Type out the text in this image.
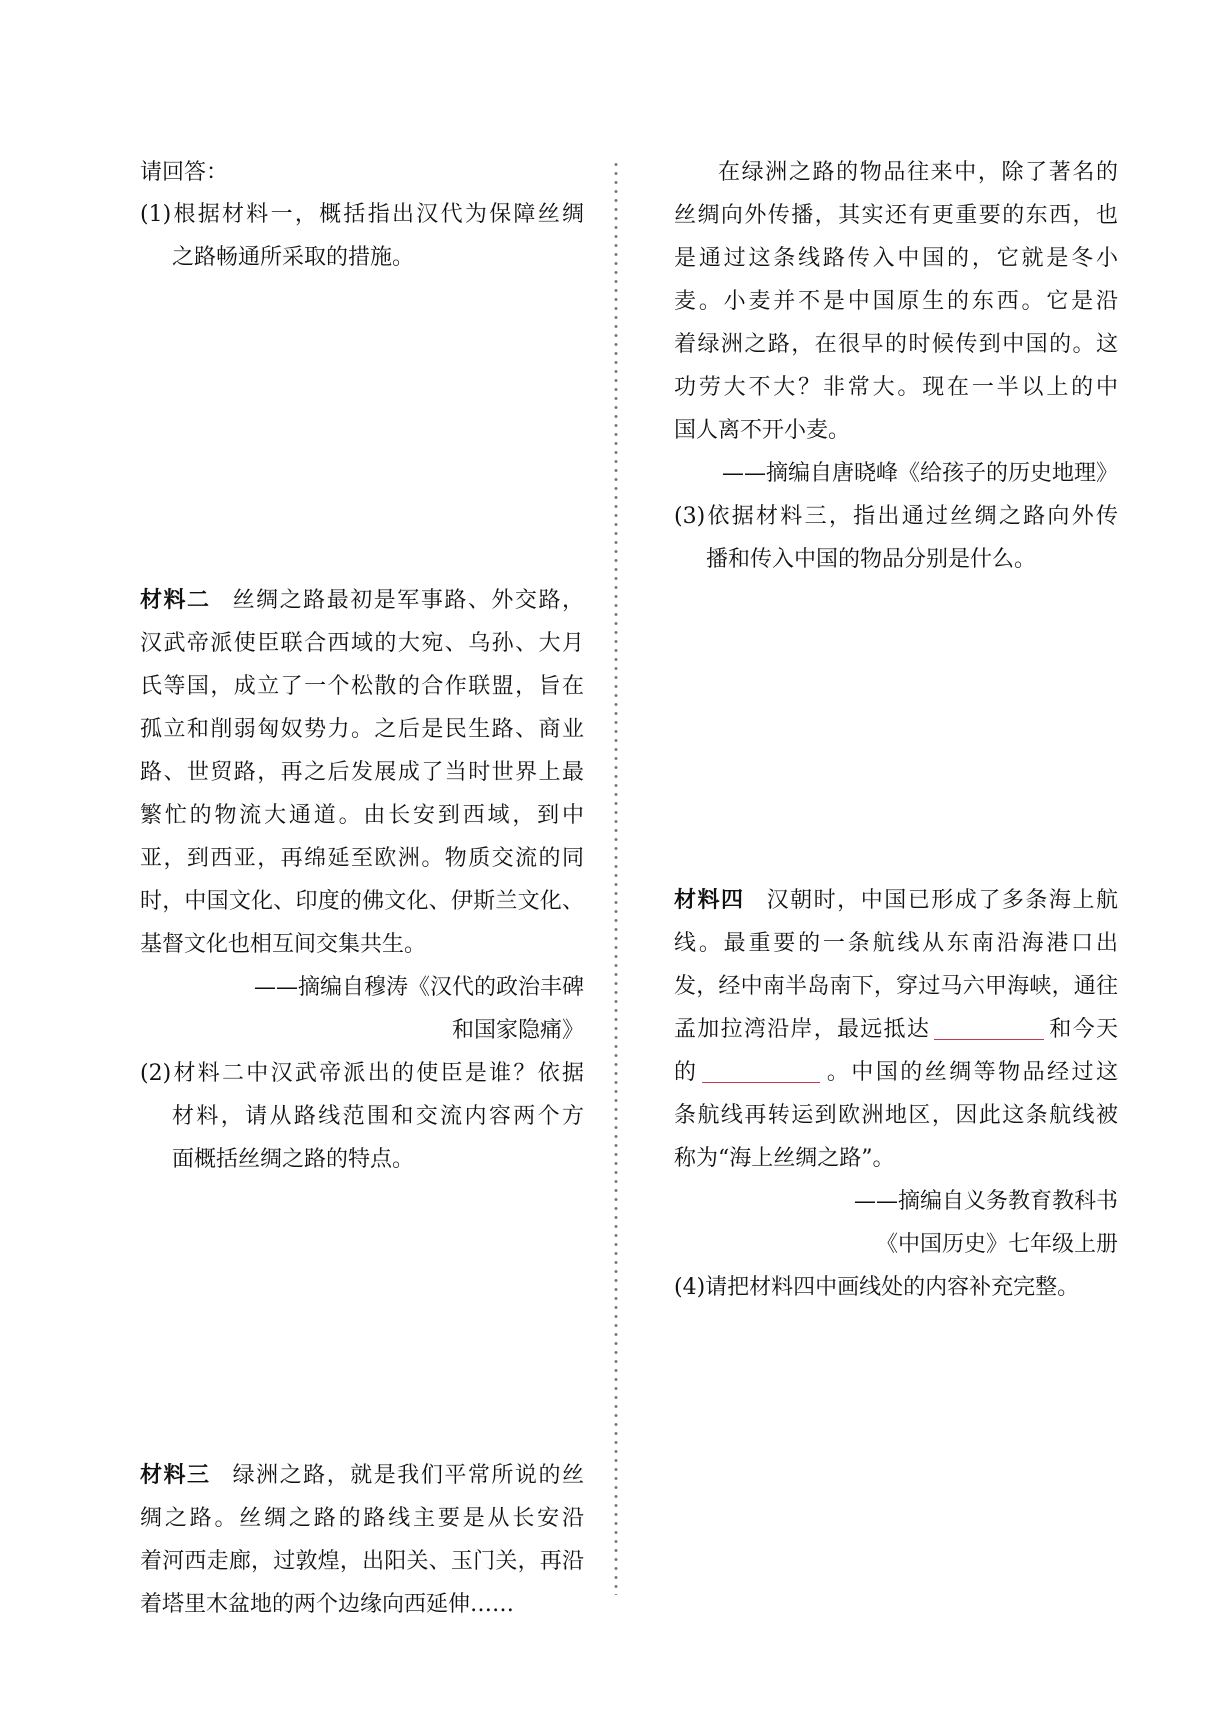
请回答：
(1)根据材料一，概括指出汉代为保障丝绸
之路畅通所采取的措施。
材料二 丝绸之路最初是军事路、外交路，
汉武帝派使臣联合西域的大宛、乌孙、大月
氏等国，成立了一个松散的合作联盟，旨在
孤立和削弱匈奴势力。之后是民生路、商业
路、世贸路，再之后发展成了当时世界上最
繁忙的物流大通道。由长安到西域，到中
亚，到西亚，再绵延至欧洲。物质交流的同
时，中国文化、印度的佛文化、伊斯兰文化、
基督文化也相互间交集共生。
——摘编自穆涛《汉代的政治丰碑
和国家隐痛》
(2)材料二中汉武帝派出的使臣是谁？依据
材料，请从路线范围和交流内容两个方
面概括丝绸之路的特点。
材料三 绿洲之路，就是我们平常所说的丝
绸之路。丝绸之路的路线主要是从长安沿
着河西走廊，过敦煌，出阳关、玉门关，再沿
着塔里木盆地的两个边缘向西延伸……
在绿洲之路的物品往来中，除了著名的
丝绸向外传播，其实还有更重要的东西，也
是通过这条线路传入中国的，它就是冬小
麦。小麦并不是中国原生的东西。它是沿
着绿洲之路，在很早的时候传到中国的。这
功劳大不大？非常大。现在一半以上的中
国人离不开小麦。
——摘编自唐晓峰《给孩子的历史地理》
(3)依据材料三，指出通过丝绸之路向外传
播和传入中国的物品分别是什么。
材料四 汉朝时，中国已形成了多条海上航
线。最重要的一条航线从东南沿海港口出
发，经中南半岛南下，穿过马六甲海峡，通往
孟加拉湾沿岸，最远抵达	和今天
的	。中国的丝绸等物品经过这
条航线再转运到欧洲地区，因此这条航线被
称为“海上丝绸之路”。
——摘编自义务教育教科书
《中国历史》七年级上册
(4)请把材料四中画线处的内容补充完整。
